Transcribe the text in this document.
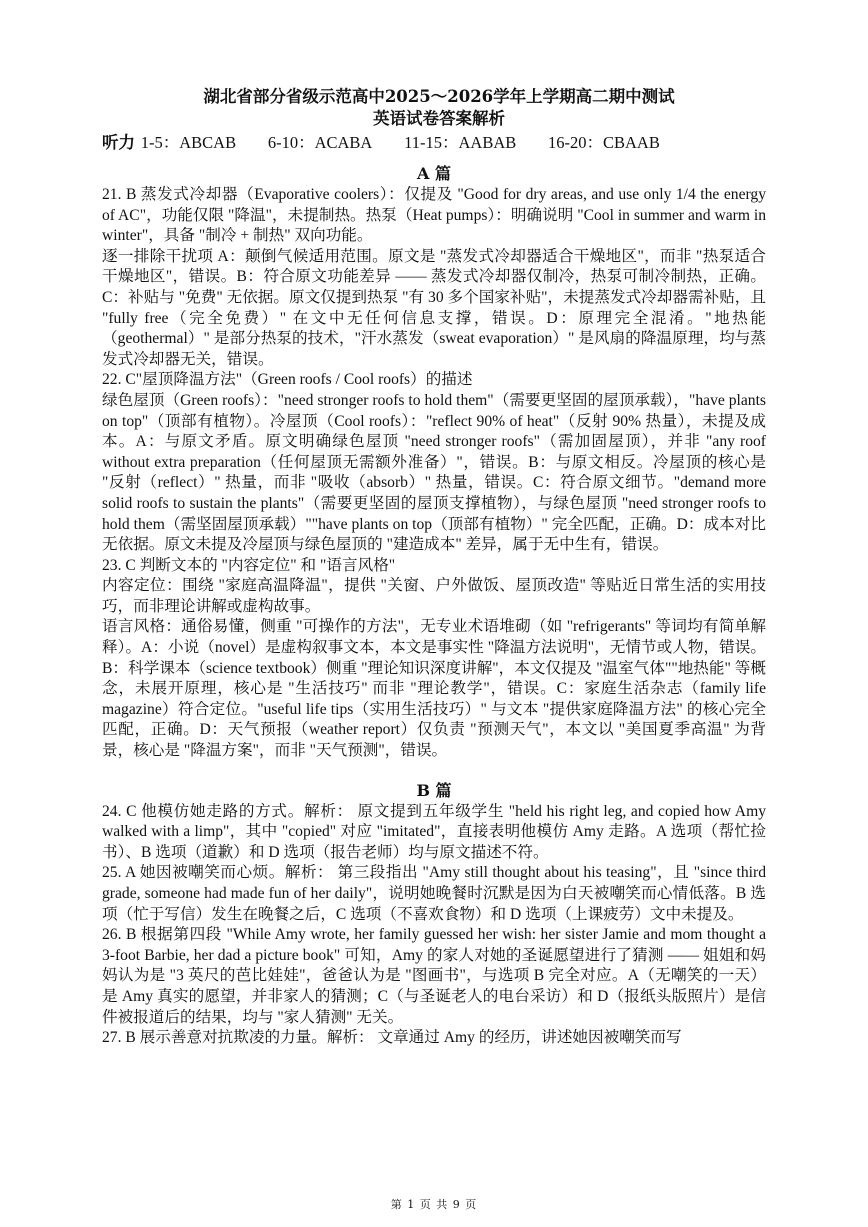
湖北省部分省级示范高中2025～2026学年上学期高二期中测试
英语试卷答案解析
听力 1-5：ABCAB 6-10：ACABA 11-15：AABAB 16-20：CBAAB
A 篇

21. B 蒸发式冷却器（Evaporative coolers）：仅提及 "Good for dry areas, and use only 1/4 the energy of AC"，功能仅限 "降温"，未提制热。热泵（Heat pumps）：明确说明 "Cool in summer and warm in winter"，具备 "制冷 + 制热" 双向功能。

逐一排除干扰项 A：颠倒气候适用范围。原文是 "蒸发式冷却器适合干燥地区"，而非 "热泵适合干燥地区"，错误。B：符合原文功能差异 —— 蒸发式冷却器仅制冷，热泵可制冷制热，正确。C：补贴与 "免费" 无依据。原文仅提到热泵 "有 30 多个国家补贴"，未提蒸发式冷却器需补贴，且 "fully free（完全免费）" 在文中无任何信息支撑，错误。D：原理完全混淆。"地热能（geothermal）" 是部分热泵的技术，"汗水蒸发（sweat evaporation）" 是风扇的降温原理，均与蒸发式冷却器无关，错误。

22. C"屋顶降温方法"（Green roofs / Cool roofs）的描述

绿色屋顶（Green roofs）："need stronger roofs to hold them"（需要更坚固的屋顶承载），"have plants on top"（顶部有植物）。冷屋顶（Cool roofs）："reflect 90% of heat"（反射 90% 热量），未提及成本。A：与原文矛盾。原文明确绿色屋顶 "need stronger roofs"（需加固屋顶），并非 "any roof without extra preparation（任何屋顶无需额外准备）"，错误。B：与原文相反。冷屋顶的核心是 "反射（reflect）" 热量，而非 "吸收（absorb）" 热量，错误。C：符合原文细节。"demand more solid roofs to sustain the plants"（需要更坚固的屋顶支撑植物），与绿色屋顶 "need stronger roofs to hold them（需坚固屋顶承载）""have plants on top（顶部有植物）" 完全匹配，正确。D：成本对比无依据。原文未提及冷屋顶与绿色屋顶的 "建造成本" 差异，属于无中生有，错误。

23. C 判断文本的 "内容定位" 和 "语言风格"

内容定位：围绕 "家庭高温降温"，提供 "关窗、户外做饭、屋顶改造" 等贴近日常生活的实用技巧，而非理论讲解或虚构故事。

语言风格：通俗易懂，侧重 "可操作的方法"，无专业术语堆砌（如 "refrigerants" 等词均有简单解释）。A：小说（novel）是虚构叙事文本，本文是事实性 "降温方法说明"，无情节或人物，错误。B：科学课本（science textbook）侧重 "理论知识深度讲解"，本文仅提及 "温室气体""地热能" 等概念，未展开原理，核心是 "生活技巧" 而非 "理论教学"，错误。C：家庭生活杂志（family life magazine）符合定位。"useful life tips（实用生活技巧）" 与文本 "提供家庭降温方法" 的核心完全匹配，正确。D：天气预报（weather report）仅负责 "预测天气"，本文以 "美国夏季高温" 为背景，核心是 "降温方案"，而非 "天气预测"，错误。

B 篇

24. C 他模仿她走路的方式。解析： 原文提到五年级学生 "held his right leg, and copied how Amy walked with a limp"，其中 "copied" 对应 "imitated"，直接表明他模仿 Amy 走路。A 选项（帮忙捡书）、B 选项（道歉）和 D 选项（报告老师）均与原文描述不符。

25. A 她因被嘲笑而心烦。解析： 第三段指出 "Amy still thought about his teasing"，且 "since third grade, someone had made fun of her daily"，说明她晚餐时沉默是因为白天被嘲笑而心情低落。B 选项（忙于写信）发生在晚餐之后，C 选项（不喜欢食物）和 D 选项（上课疲劳）文中未提及。

26. B 根据第四段 "While Amy wrote, her family guessed her wish: her sister Jamie and mom thought a 3-foot Barbie, her dad a picture book" 可知，Amy 的家人对她的圣诞愿望进行了猜测 —— 姐姐和妈妈认为是 "3 英尺的芭比娃娃"，爸爸认为是 "图画书"，与选项 B 完全对应。A（无嘲笑的一天）是 Amy 真实的愿望，并非家人的猜测；C（与圣诞老人的电台采访）和 D（报纸头版照片）是信件被报道后的结果，均与 "家人猜测" 无关。

27. B 展示善意对抗欺凌的力量。解析： 文章通过 Amy 的经历，讲述她因被嘲笑而写

第 1 页 共 9 页
